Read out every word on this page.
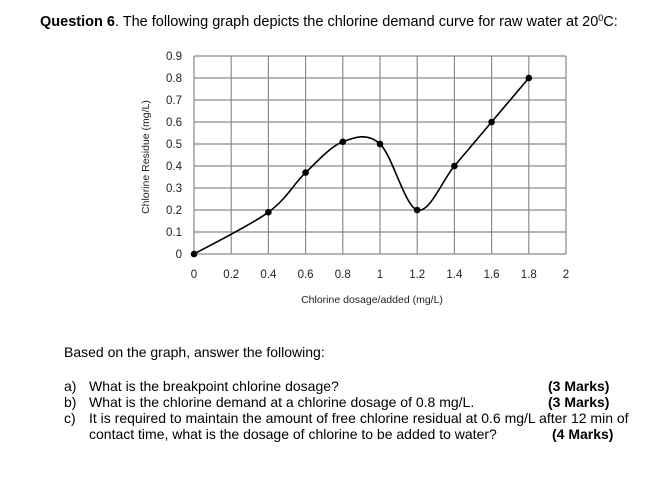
Question 6. The following graph depicts the chlorine demand curve for raw water at $20^0C$:
0 0.2 0.4 0.6 0.8 1 1.2 1.4 1.6 1.8 2
0
0.1
0.2
0.3
0.4
0.5
0.6
0.7
0.8
0.9
Chlorine dosage/added (mg/L)
Chlorine Residue (mg/L)
Based on the graph, answer the following:
a) What is the breakpoint chlorine dosage?	(3 Marks)
b) What is the chlorine demand at a chlorine dosage of 0.8 mg/L.	(3 Marks)
c) It is required to maintain the amount of free chlorine residual at 0.6 mg/L after 12 min of contact time, what is the dosage of chlorine to be added to water?	(4 Marks)
